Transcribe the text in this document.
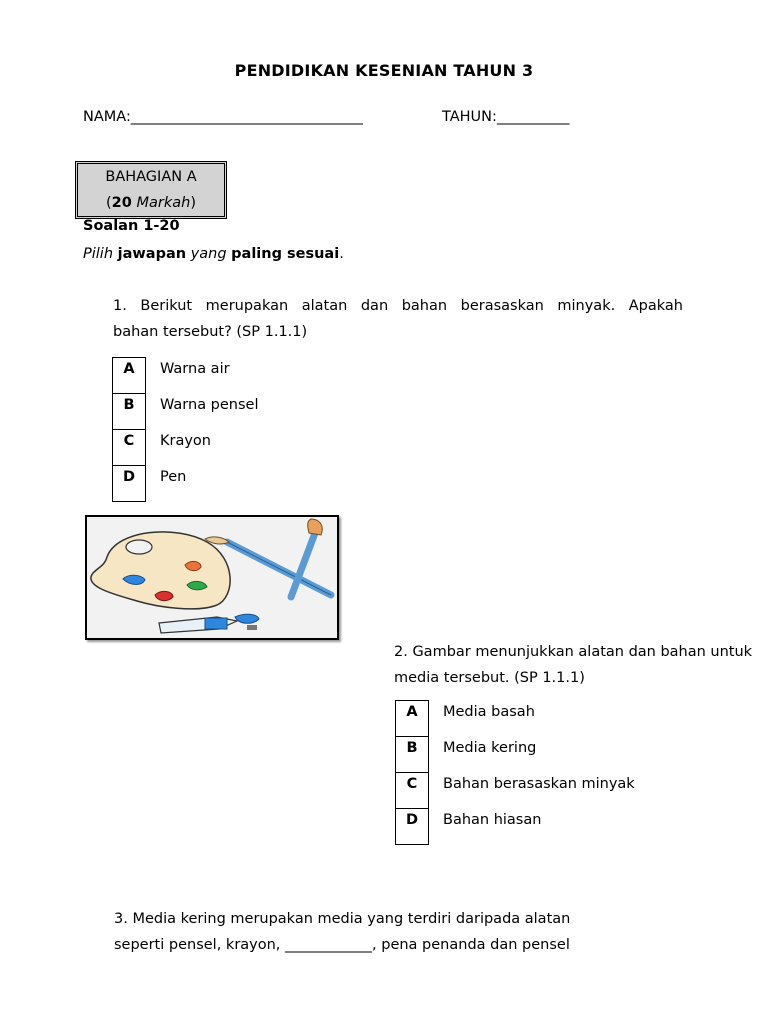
PENDIDIKAN KESENIAN TAHUN 3
NAMA:________________________________	TAHUN:__________
BAHAGIAN A
(20 Markah)
Soalan 1-20
Pilih jawapan yang paling sesuai.
1. Berikut merupakan alatan dan bahan berasaskan minyak. Apakah
bahan tersebut? (SP 1.1.1)
A	Warna air
B	Warna pensel
C	Krayon
D	Pen
2. Gambar menunjukkan alatan dan bahan untuk
media tersebut. (SP 1.1.1)
A	Media basah
B	Media kering
C	Bahan berasaskan minyak
D	Bahan hiasan
3. Media kering merupakan media yang terdiri daripada alatan
seperti pensel, krayon, ____________, pena penanda dan pensel
